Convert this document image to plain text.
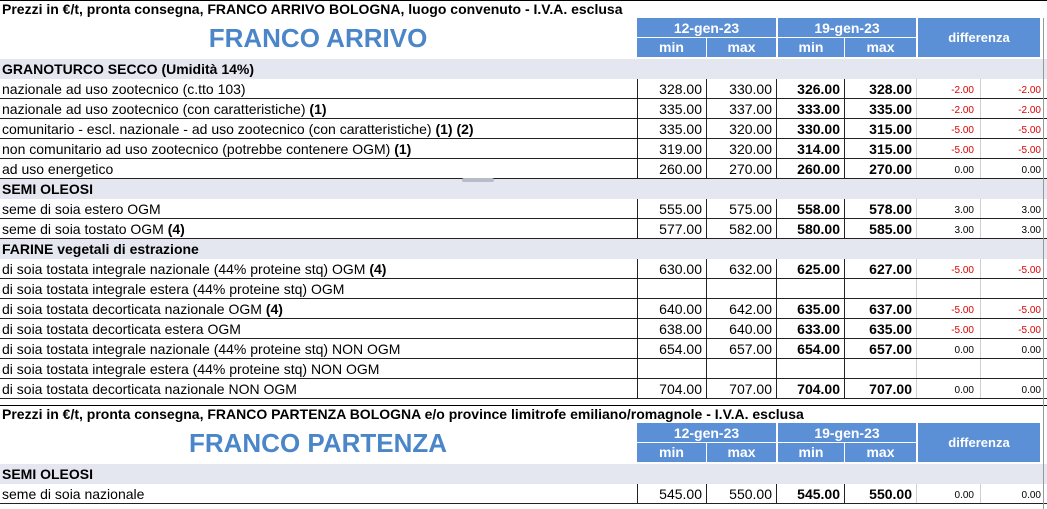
Prezzi in €/t, pronta consegna, FRANCO ARRIVO BOLOGNA, luogo convenuto - I.V.A. esclusa
FRANCO ARRIVO	12-gen-23	19-gen-23
min	max	min	max
differenza
GRANOTURCO SECCO (Umidità 14%)
nazionale ad uso zootecnico (c.tto 103)	328.00	330.00	326.00	328.00	-2.00	-2.00
nazionale ad uso zootecnico (con caratteristiche) (1)	335.00	337.00	333.00	335.00	-2.00	-2.00
comunitario - escl. nazionale - ad uso zootecnico (con caratteristiche) (1) (2)	335.00	320.00	330.00	315.00	-5.00	-5.00
non comunitario ad uso zootecnico (potrebbe contenere OGM) (1)	319.00	320.00	314.00	315.00	-5.00	-5.00
ad uso energetico	260.00	270.00	260.00	270.00	0.00	0.00
SEMI OLEOSI
seme di soia estero OGM	555.00	575.00	558.00	578.00	3.00	3.00
seme di soia tostato OGM (4)	577.00	582.00	580.00	585.00	3.00	3.00
FARINE vegetali di estrazione
di soia tostata integrale nazionale (44% proteine stq) OGM (4)	630.00	632.00	625.00	627.00	-5.00	-5.00
di soia tostata integrale estera (44% proteine stq) OGM
di soia tostata decorticata nazionale OGM (4)	640.00	642.00	635.00	637.00	-5.00	-5.00
di soia tostata decorticata estera OGM	638.00	640.00	633.00	635.00	-5.00	-5.00
di soia tostata integrale nazionale (44% proteine stq) NON OGM	654.00	657.00	654.00	657.00	0.00	0.00
di soia tostata integrale estera (44% proteine stq) NON OGM
di soia tostata decorticata nazionale NON OGM	704.00	707.00	704.00	707.00	0.00	0.00
Prezzi in €/t, pronta consegna, FRANCO PARTENZA BOLOGNA e/o province limitrofe emiliano/romagnole - I.V.A. esclusa
FRANCO PARTENZA	12-gen-23	19-gen-23
min	max	min	max
differenza
SEMI OLEOSI
seme di soia nazionale	545.00	550.00	545.00	550.00	0.00	0.00
